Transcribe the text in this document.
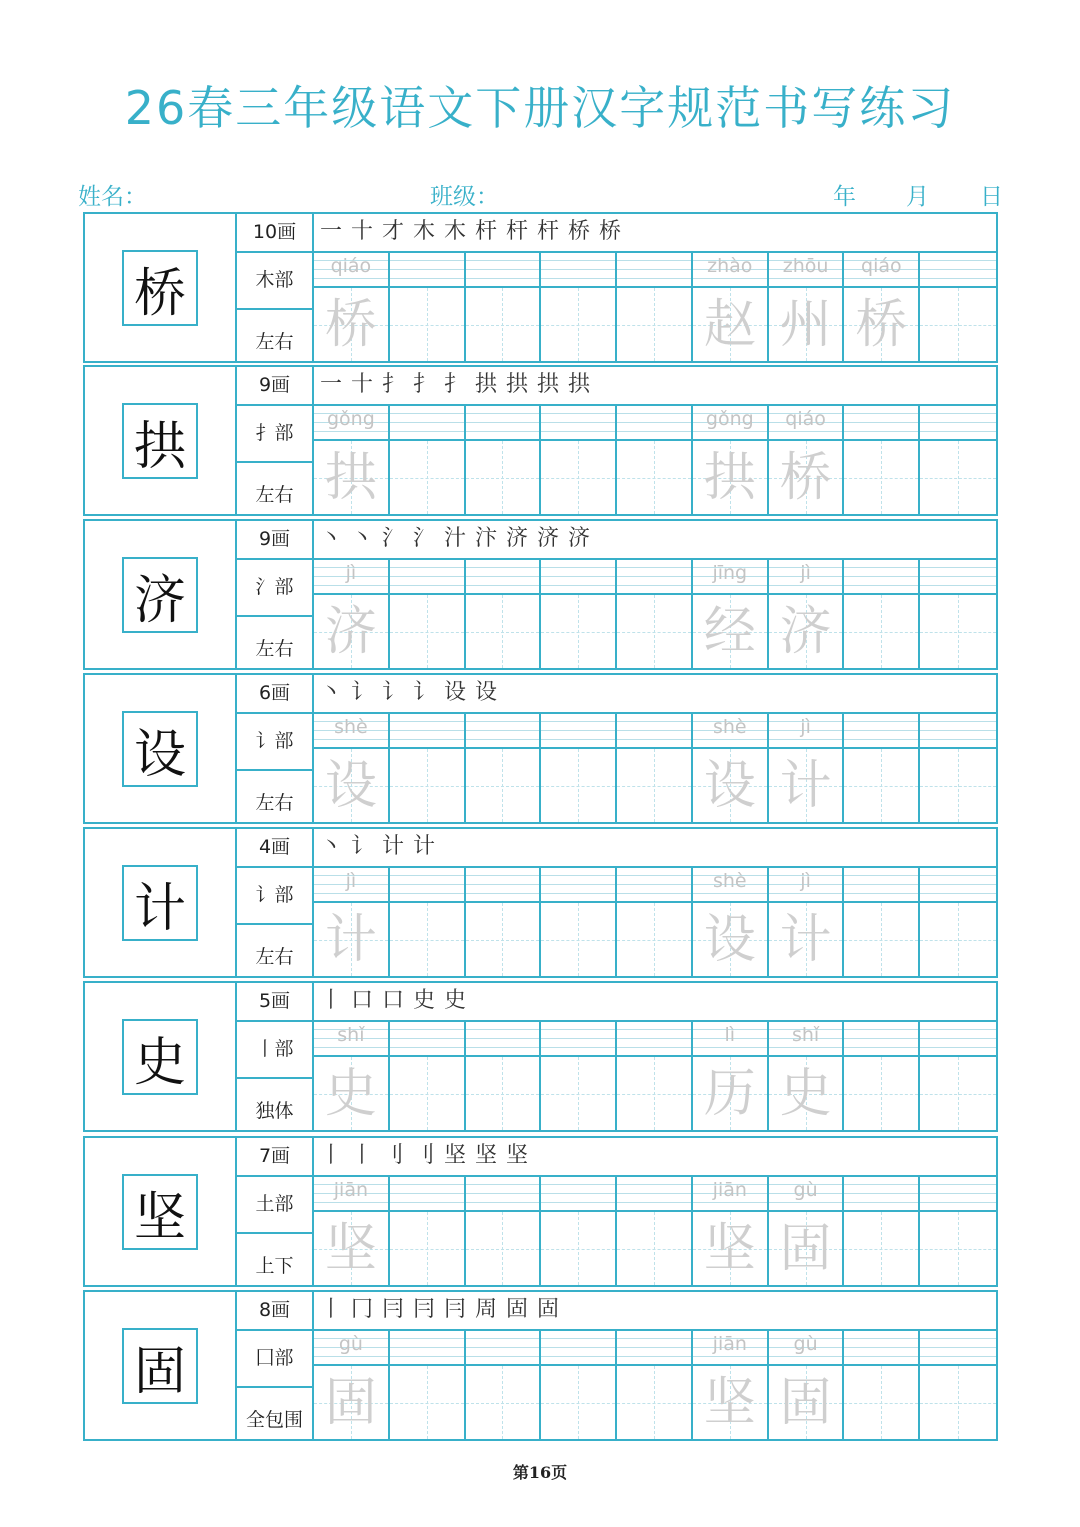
26春三年级语文下册汉字规范书写练习
姓名：	班级：	年 月 日
桥
10画
木部
左右
一十才木木杆杆杆桥桥
qiáo
桥
zhào
赵
zhōu
州
qiáo
桥
拱
9画
扌部
左右
一十扌扌扌拱拱拱拱
gǒng
拱
gǒng
拱
qiáo
桥
济
9画
氵部
左右
丶丶氵氵汁汴济济济
jì
济
jīng
经
jì
济
设
6画
讠部
左右
丶讠讠讠设设
shè
设
shè
设
jì
计
计
4画
讠部
左右
丶讠计计
jì
计
shè
设
jì
计
史
5画
丨部
独体
丨口口史史
shǐ
史
lì
历
shǐ
史
坚
7画
土部
上下
丨丨刂刂坚坚坚
jiān
坚
jiān
坚
gù
固
固
8画
囗部
全包围
丨冂冃冃冃周固固
gù
固
jiān
坚
gù
固
第16页
